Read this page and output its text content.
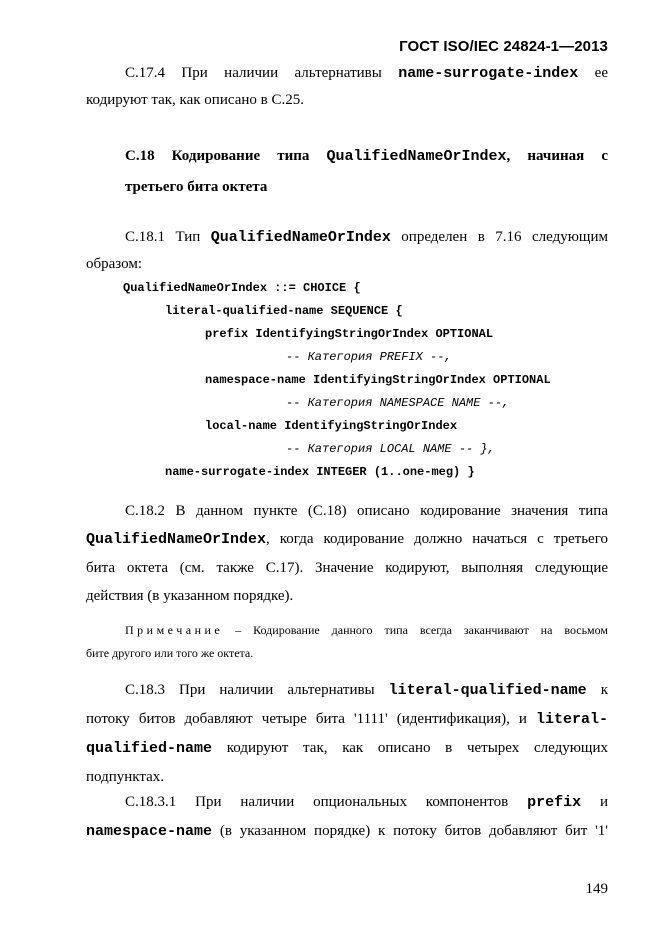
ГОСТ ISO/IEC 24824-1—2013
С.17.4 При наличии альтернативы name-surrogate-index ее
кодируют так, как описано в С.25.
С.18 Кодирование типа QualifiedNameOrIndex, начиная с
третьего бита октета
С.18.1 Тип QualifiedNameOrIndex определен в 7.16 следующим
образом:
QualifiedNameOrIndex ::= CHOICE {
literal-qualified-name SEQUENCE {
prefix IdentifyingStringOrIndex OPTIONAL
-- Категория PREFIX --,
namespace-name IdentifyingStringOrIndex OPTIONAL
-- Категория NAMESPACE NAME --,
local-name IdentifyingStringOrIndex
-- Категория LOCAL NAME -- },
name-surrogate-index INTEGER (1..one-meg) }
С.18.2 В данном пункте (С.18) описано кодирование значения типа
QualifiedNameOrIndex, когда кодирование должно начаться с третьего
бита октета (см. также С.17). Значение кодируют, выполняя следующие
действия (в указанном порядке).
Примечание – Кодирование данного типа всегда заканчивают на восьмом
бите другого или того же октета.
С.18.3 При наличии альтернативы literal-qualified-name к
потоку битов добавляют четыре бита '1111' (идентификация), и literal-
qualified-name кодируют так, как описано в четырех следующих
подпунктах.
С.18.3.1 При наличии опциональных компонентов prefix и
namespace-name (в указанном порядке) к потоку битов добавляют бит '1'
149
